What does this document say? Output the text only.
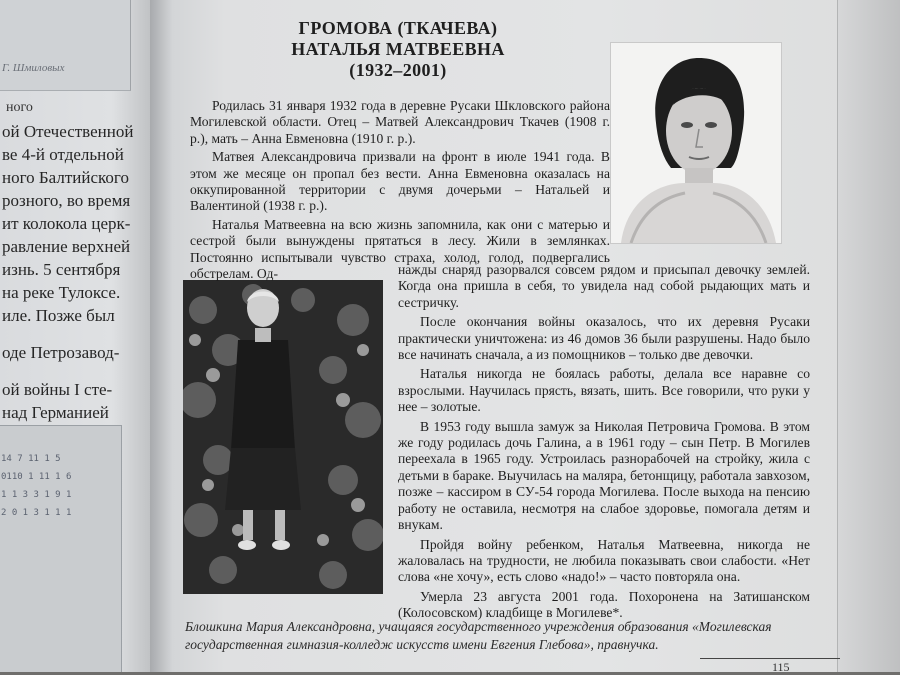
Г. Шмиловых
ного
ой Отечественной
ве 4-й отдельной
ного Балтийского
розного, во время
ит колокола церк-
равление верхней
изнь. 5 сентября
на реке Тулоксе.
иле. Позже был
оде Петрозавод-
ой войны I сте-
над Германией
14 7 11 1 5
0110 1 11 1 6
1 1 3 3 1 9 1
2 0 1 3 1 1 1
ГРОМОВА (ТКАЧЕВА)
НАТАЛЬЯ МАТВЕЕВНА
(1932–2001)

Родилась 31 января 1932 года в деревне Русаки Шкловского района Могилевской области. Отец – Матвей Александрович Ткачев (1908 г. р.), мать – Анна Евменовна (1910 г. р.).

Матвея Александровича призвали на фронт в июле 1941 года. В этом же месяце он пропал без вести. Анна Евменовна оказалась на оккупированной территории с двумя дочерьми – Натальей и Валентиной (1938 г. р.).

Наталья Матвеевна на всю жизнь запомнила, как они с матерью и сестрой были вынуждены прятаться в лесу. Жили в землянках. Постоянно испытывали чувство страха, холод, голод, подвергались обстрелам. Од-	нажды снаряд разорвался совсем рядом и присыпал девочку землей. Когда она пришла в себя, то увидела над собой рыдающих мать и сестричку.

После окончания войны оказалось, что их деревня Русаки практически уничтожена: из 46 домов 36 были разрушены. Надо было все начинать сначала, а из помощников – только две девочки.

Наталья никогда не боялась работы, делала все наравне со взрослыми. Научилась прясть, вязать, шить. Все говорили, что руки у нее – золотые.

В 1953 году вышла замуж за Николая Петровича Громова. В этом же году родилась дочь Галина, а в 1961 году – сын Петр. В Могилев переехала в 1965 году. Устроилась разнорабочей на стройку, жила с детьми в бараке. Выучилась на маляра, бетонщицу, работала завхозом, позже – кассиром в СУ-54 города Могилева. После выхода на пенсию работу не оставила, несмотря на слабое здоровье, помогала детям и внукам.

Пройдя войну ребенком, Наталья Матвеевна, никогда не жаловалась на трудности, не любила показывать свои слабости. «Нет слова «не хочу», есть слово «надо!» – часто повторяла она.

Умерла 23 августа 2001 года. Похоронена на Затишанском (Колосовском) кладбище в Могилеве*.

Блошкина Мария Александровна, учащаяся государственного учреждения образования «Могилевская государственная гимназия-колледж искусств имени Евгения Глебова», правнучка.
115
